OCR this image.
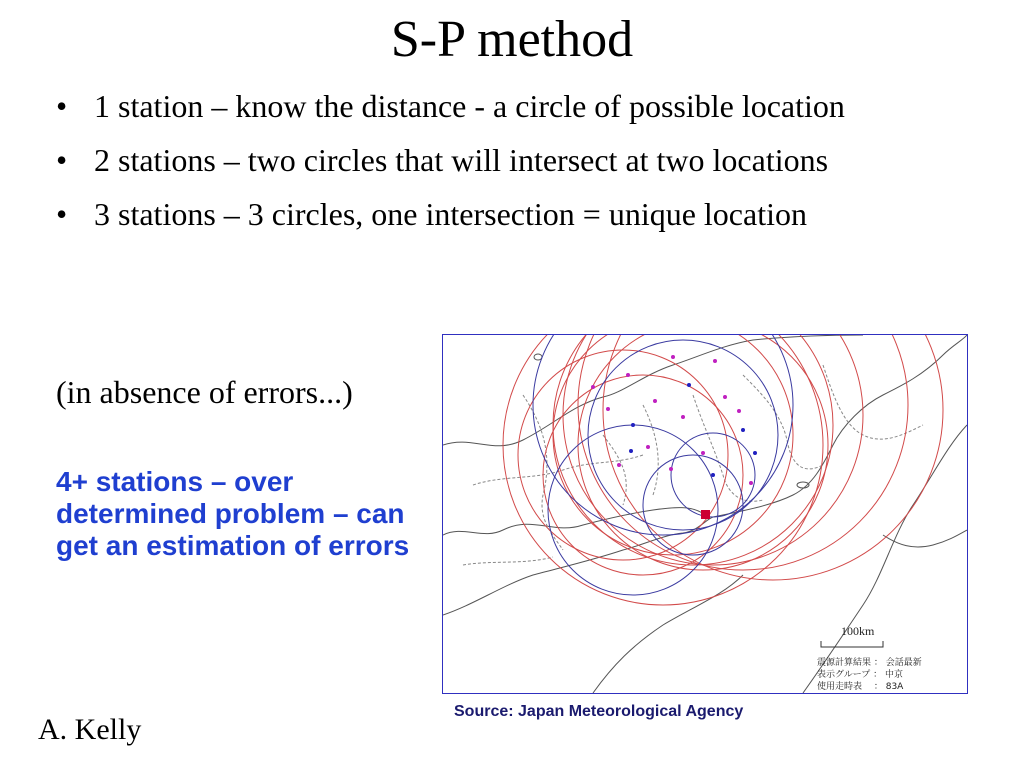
S-P method
• 1 station – know the distance - a circle of possible location
• 2 stations – two circles that will intersect at two locations
• 3 stations – 3 circles, one intersection = unique location
(in absence of errors...)
4+ stations – over determined problem – can get an estimation of errors
100km
震源計算結果 ： 会話最新
表示グループ ： 中京
使用走時表 　： 83A
Source: Japan Meteorological Agency
A. Kelly
